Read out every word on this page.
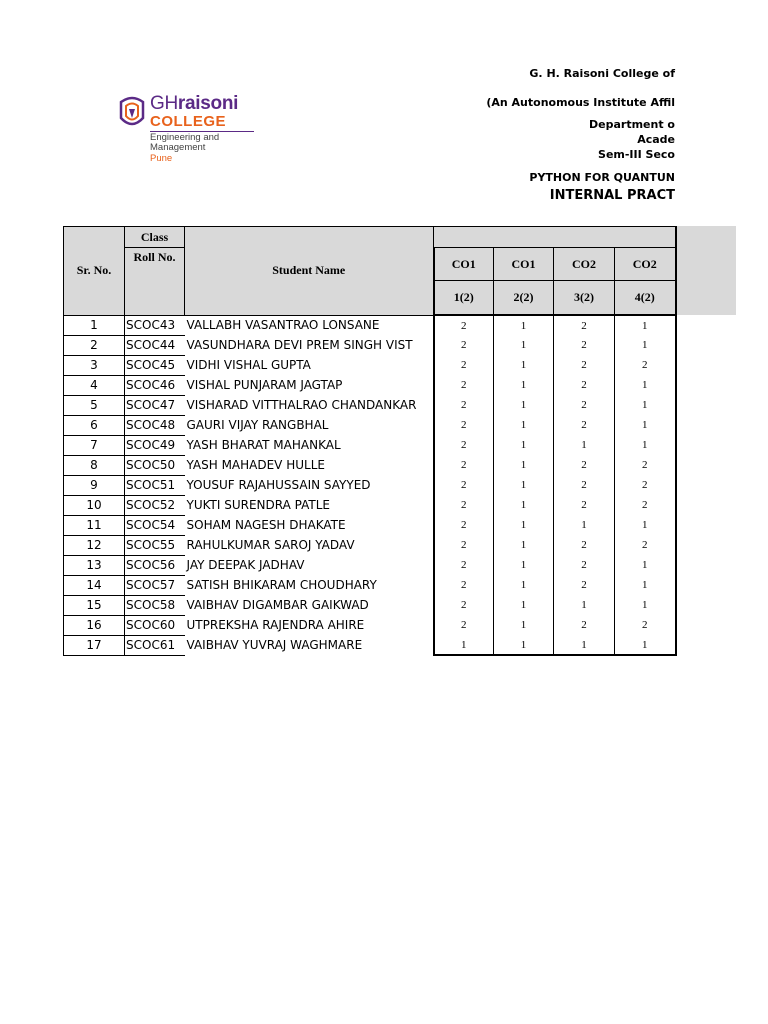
GHraisoni
COLLEGE
Engineering and
Management
Pune
G. H. Raisoni College of
(An Autonomous Institute Affil
Department o
Acade
Sem-III Seco
PYTHON FOR QUANTUN
INTERNAL PRACT
Sr. No.	Class	Student Name				
	Roll No.		CO1	CO1	CO2	CO2
			1(2)	2(2)	3(2)	4(2)
1	SCOC43	VALLABH VASANTRAO LONSANE	2	1	2	1
2	SCOC44	VASUNDHARA DEVI PREM SINGH VIST	2	1	2	1
3	SCOC45	VIDHI VISHAL GUPTA	2	1	2	2
4	SCOC46	VISHAL PUNJARAM JAGTAP	2	1	2	1
5	SCOC47	VISHARAD VITTHALRAO CHANDANKAR	2	1	2	1
6	SCOC48	GAURI VIJAY RANGBHAL	2	1	2	1
7	SCOC49	YASH BHARAT MAHANKAL	2	1	1	1
8	SCOC50	YASH MAHADEV HULLE	2	1	2	2
9	SCOC51	YOUSUF RAJAHUSSAIN SAYYED	2	1	2	2
10	SCOC52	YUKTI SURENDRA PATLE	2	1	2	2
11	SCOC54	SOHAM NAGESH DHAKATE	2	1	1	1
12	SCOC55	RAHULKUMAR SAROJ YADAV	2	1	2	2
13	SCOC56	JAY DEEPAK JADHAV	2	1	2	1
14	SCOC57	SATISH BHIKARAM CHOUDHARY	2	1	2	1
15	SCOC58	VAIBHAV DIGAMBAR GAIKWAD	2	1	1	1
16	SCOC60	UTPREKSHA RAJENDRA AHIRE	2	1	2	2
17	SCOC61	VAIBHAV YUVRAJ WAGHMARE	1	1	1	1
